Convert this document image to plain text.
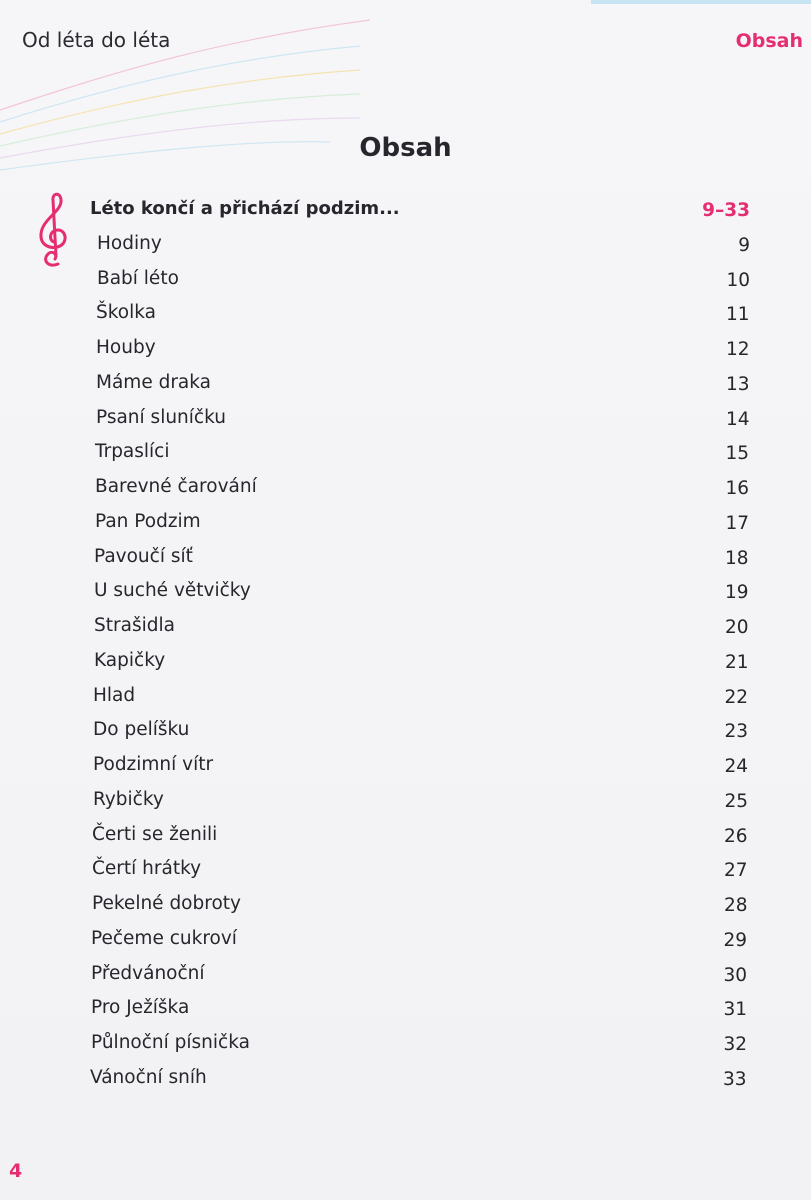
Od léta do léta	Obsah
Obsah
Léto končí a přichází podzim...	9–33
Hodiny	9
Babí léto	10
Školka	11
Houby	12
Máme draka	13
Psaní sluníčku	14
Trpaslíci	15
Barevné čarování	16
Pan Podzim	17
Pavoučí síť	18
U suché větvičky	19
Strašidla	20
Kapičky	21
Hlad	22
Do pelíšku	23
Podzimní vítr	24
Rybičky	25
Čerti se ženili	26
Čertí hrátky	27
Pekelné dobroty	28
Pečeme cukroví	29
Předvánoční	30
Pro Ježíška	31
Půlnoční písnička	32
Vánoční sníh	33
4
